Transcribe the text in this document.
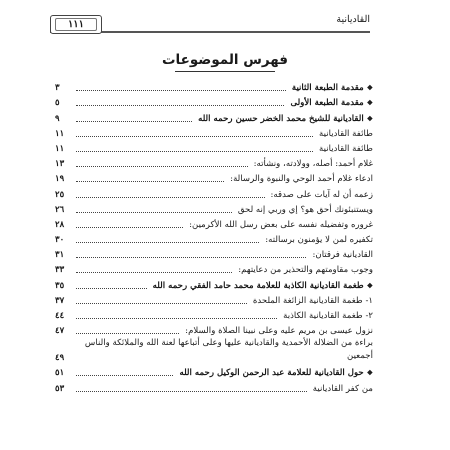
١١١	القاديانية
فهرس الموضوعات
❖مقدمة الطبعة الثانية
٣
❖مقدمة الطبعة الأولى
٥
❖القاديانية للشيخ محمد الخضر حسين رحمه الله
٩
طائفة القاديانية
١١
طائفة القاديانية
١١
غلام أحمد: أصله، وولادته، ونشأته:
١٣
ادعاء غلام أحمد الوحي والنبوة والرسالة:
١٩
زعمه أن له آيات على صدقه:
٢٥
ويستنبئونك أحق هو؟ إي وربي إنه لحق
٢٦
غروره وتفضيله نفسه على بعض رسل الله الأكرمين:
٢٨
تكفيره لمن لا يؤمنون برسالته:
٣٠
القاديانية فرقتان:
٣١
وجوب مقاومتهم والتحذير من دعايتهم:
٣٣
❖طغمة القاديانية الكاذبة للعلامة محمد حامد الفقي رحمه الله
٣٥
١- طغمة القاديانية الزائغة الملحدة
٣٧
٢- طغمة القاديانية الكاذبة
٤٤
نزول عيسى بن مريم عليه وعلى نبينا الصلاة والسلام:
٤٧
براءة من الضلالة الأحمدية والقاديانية عليها وعلى أتباعها لعنة الله والملائكة والناس أجمعين
٤٩
❖حول القاديانية للعلامة عبد الرحمن الوكيل رحمه الله
٥١
من كفر القاديانية
٥٣
